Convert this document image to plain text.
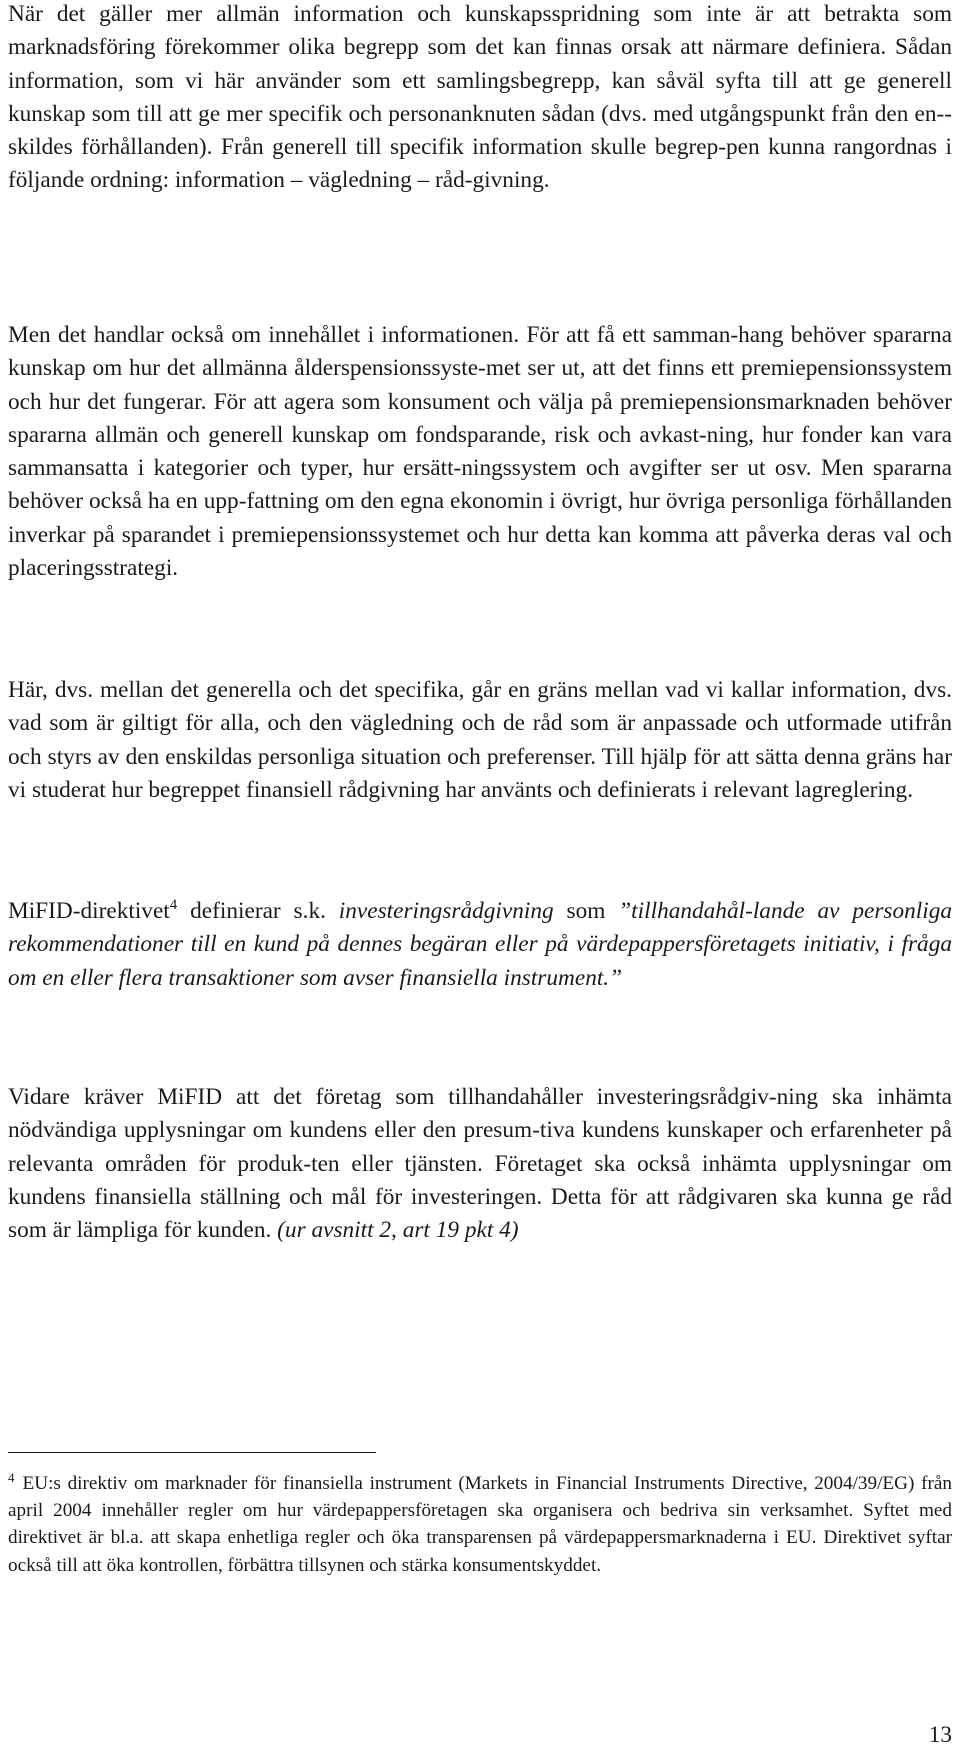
När det gäller mer allmän information och kunskapsspridning som inte är att betrakta som marknadsföring förekommer olika begrepp som det kan finnas orsak att närmare definiera. Sådan information, som vi här använder som ett samlingsbegrepp, kan såväl syfta till att ge generell kunskap som till att ge mer specifik och personanknuten sådan (dvs. med utgångspunkt från den en-skildes förhållanden). Från generell till specifik information skulle begrep-pen kunna rangordnas i följande ordning: information – vägledning – råd-givning.

Men det handlar också om innehållet i informationen. För att få ett samman-hang behöver spararna kunskap om hur det allmänna ålderspensionssyste-met ser ut, att det finns ett premiepensionssystem och hur det fungerar. För att agera som konsument och välja på premiepensionsmarknaden behöver spararna allmän och generell kunskap om fondsparande, risk och avkast-ning, hur fonder kan vara sammansatta i kategorier och typer, hur ersätt-ningssystem och avgifter ser ut osv. Men spararna behöver också ha en upp-fattning om den egna ekonomin i övrigt, hur övriga personliga förhållanden inverkar på sparandet i premiepensionssystemet och hur detta kan komma att påverka deras val och placeringsstrategi.

Här, dvs. mellan det generella och det specifika, går en gräns mellan vad vi kallar information, dvs. vad som är giltigt för alla, och den vägledning och de råd som är anpassade och utformade utifrån och styrs av den enskildas personliga situation och preferenser. Till hjälp för att sätta denna gräns har vi studerat hur begreppet finansiell rådgivning har använts och definierats i relevant lagreglering.

MiFID-direktivet$^4$ definierar s.k. investeringsrådgivning som ”tillhandahål-lande av personliga rekommendationer till en kund på dennes begäran eller på värdepappersföretagets initiativ, i fråga om en eller flera transaktioner som avser finansiella instrument.”

Vidare kräver MiFID att det företag som tillhandahåller investeringsrådgiv-ning ska inhämta nödvändiga upplysningar om kundens eller den presum-tiva kundens kunskaper och erfarenheter på relevanta områden för produk-ten eller tjänsten. Företaget ska också inhämta upplysningar om kundens finansiella ställning och mål för investeringen. Detta för att rådgivaren ska kunna ge råd som är lämpliga för kunden. (ur avsnitt 2, art 19 pkt 4)

$^4$ EU:s direktiv om marknader för finansiella instrument (Markets in Financial Instruments Directive, 2004/39/EG) från april 2004 innehåller regler om hur värdepappersföretagen ska organisera och bedriva sin verksamhet. Syftet med direktivet är bl.a. att skapa enhetliga regler och öka transparensen på värdepappersmarknaderna i EU. Direktivet syftar också till att öka kontrollen, förbättra tillsynen och stärka konsumentskyddet.

13
